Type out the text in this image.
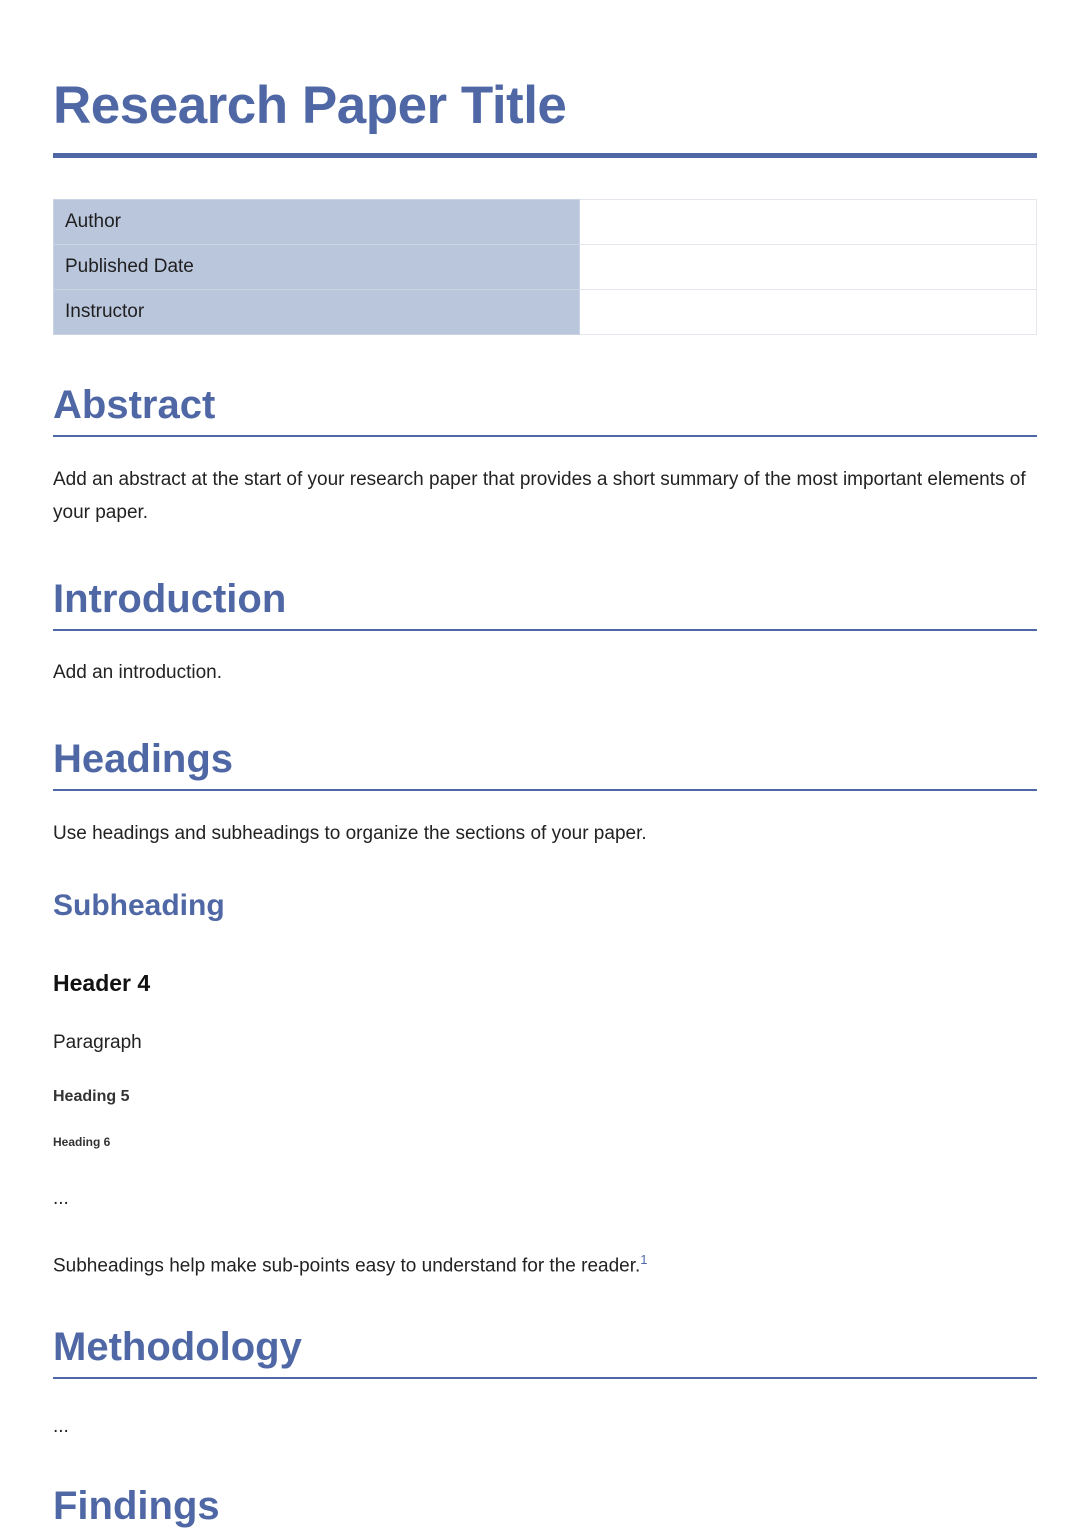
Research Paper Title
Author	
Published Date	
Instructor	
Abstract

Add an abstract at the start of your research paper that provides a short summary of the most important elements of your paper.

Introduction

Add an introduction.

Headings

Use headings and subheadings to organize the sections of your paper.

Subheading
Header 4

Paragraph

Heading 5
Heading 6

...

Subheadings help make sub-points easy to understand for the reader.$^1$

Methodology

...

Findings
